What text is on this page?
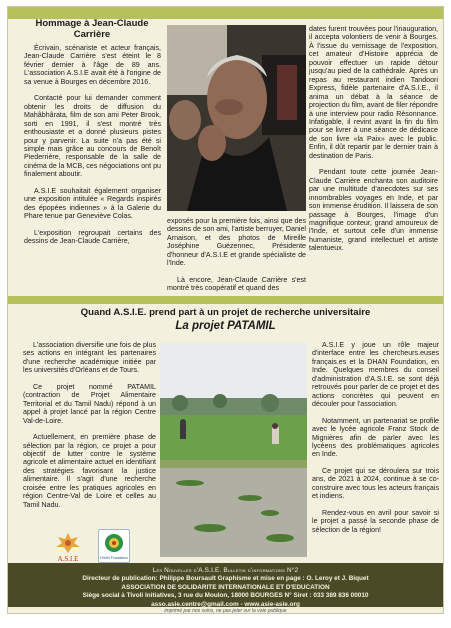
Hommage à Jean-Claude Carrière

Écrivain, scénariste et acteur français, Jean-Claude Carrière s'est éteint le 8 février dernier à l'âge de 89 ans. L'association A.S.I.E avait été à l'origine de sa venue à Bourges en décembre 2016.

Contacté pour lui demander comment obtenir les droits de diffusion du Mahâbhârata, film de son ami Peter Brook, sorti en 1991, il s'est montré très enthousiaste et a donné plusieurs pistes pour y parvenir. La suite n'a pas été si simple mais grâce au concours de Benoît Piederrière, responsable de la salle de cinéma de la MCB, ces négociations ont pu finalement aboutir.

A.S.I.E souhaitait également organiser une exposition intitulée « Regards inspirés des épopées indiennes » à la Galerie du Phare tenue par Geneviève Colas.

L'exposition regroupait certains des dessins de Jean-Claude Carrière,

exposés pour la première fois, ainsi que des dessins de son ami, l'artiste berruyer, Daniel Arnaison, et des photos de Mireille Joséphine Guézennec, Présidente d'honneur d'A.S.I.E et grande spécialiste de l'Inde.

Là encore, Jean-Claude Carrière s'est montré très coopératif et quand des

dates furent trouvées pour l'inauguration, il accepta volontiers de venir à Bourges. À l'issue du vernissage de l'exposition, cet amateur d'Histoire apprécia de pouvoir effectuer un rapide détour jusqu'au pied de la cathédrale. Après un repas au restaurant indien Tandoori Express, fidèle partenaire d'A.S.I.E., il anima un débat à la séance de projection du film, avant de filer répondre à une interview pour radio Résonnance. Infatigable, il revint avant la fin du film pour se livrer à une séance de dédicace de son livre «la Paix» avec le public. Enfin, il dût repartir par le dernier train à destination de Paris.

Pendant toute cette journée Jean-Claude Carrière enchanta son auditoire par une multitude d'anecdotes sur ses innombrables voyages en Inde, et par son immense érudition. Il laissera de son passage à Bourges, l'image d'un magnifique conteur, grand amoureux de l'Inde, et surtout celle d'un immense humaniste, grand intellectuel et artiste talentueux.

Quand A.S.I.E. prend part à un projet de recherche universitaire
La projet PATAMIL

L'association diversifie une fois de plus ses actions en intégrant les partenaires d'une recherche académique initiée par les universités d'Orléans et de Tours.

Ce projet nommé PATAMIL (contraction de Projet Alimentaire Territorial et du Tamil Nadu) répond à un appel à projet lancé par la région Centre Val-de-Loire.

Actuellement, en première phase de sélection par la région, ce projet a pour objectif de lutter contre le système agricole et alimentaire actuel en identifiant des stratégies favorisant la justice alimentaire. Il s'agit d'une recherche croisée entre les pratiques agricoles en région Centre-Val de Loire et celles au Tamil Nadu.

A.S.I.E y joue un rôle majeur d'interface entre les chercheurs.euses français.es et la DHAN Foundation, en Inde. Quelques membres du conseil d'administration d'A.S.I.E. se sont déjà retrouvés pour parler de ce projet et des actions concrètes qui peuvent en découler pour l'association.

Notamment, un partenariat se profile avec le lycée agricole Franz Stock de Mignières afin de parler avec les lycéens des problématiques agricoles en Inde.

Ce projet qui se déroulera sur trois ans, de 2021 à 2024, continue à se co-construire avec tous les acteurs français et indiens.

Rendez-vous en avril pour savoir si le projet a passé la seconde phase de sélection de la région!

A.S.I.E	DHAN Foundation
Les Nouvelles d'A.S.I.E. Bulletin d'informations N°2
Directeur de publication: Philippe Boursault Graphisme et mise en page : O. Leroy et J. Biquet
ASSOCIATION DE SOLIDARITE INTERNATIONALE ET D'EDUCATION
Siège social à Tivoli Initiatives, 3 rue du Moulon, 18000 BOURGES N° Siret : 033 389 836 00010
asso.asie.centre@gmail.com - www.asie-asie.org
imprimé par nos soins, ne pas jeter sur la voie publique
